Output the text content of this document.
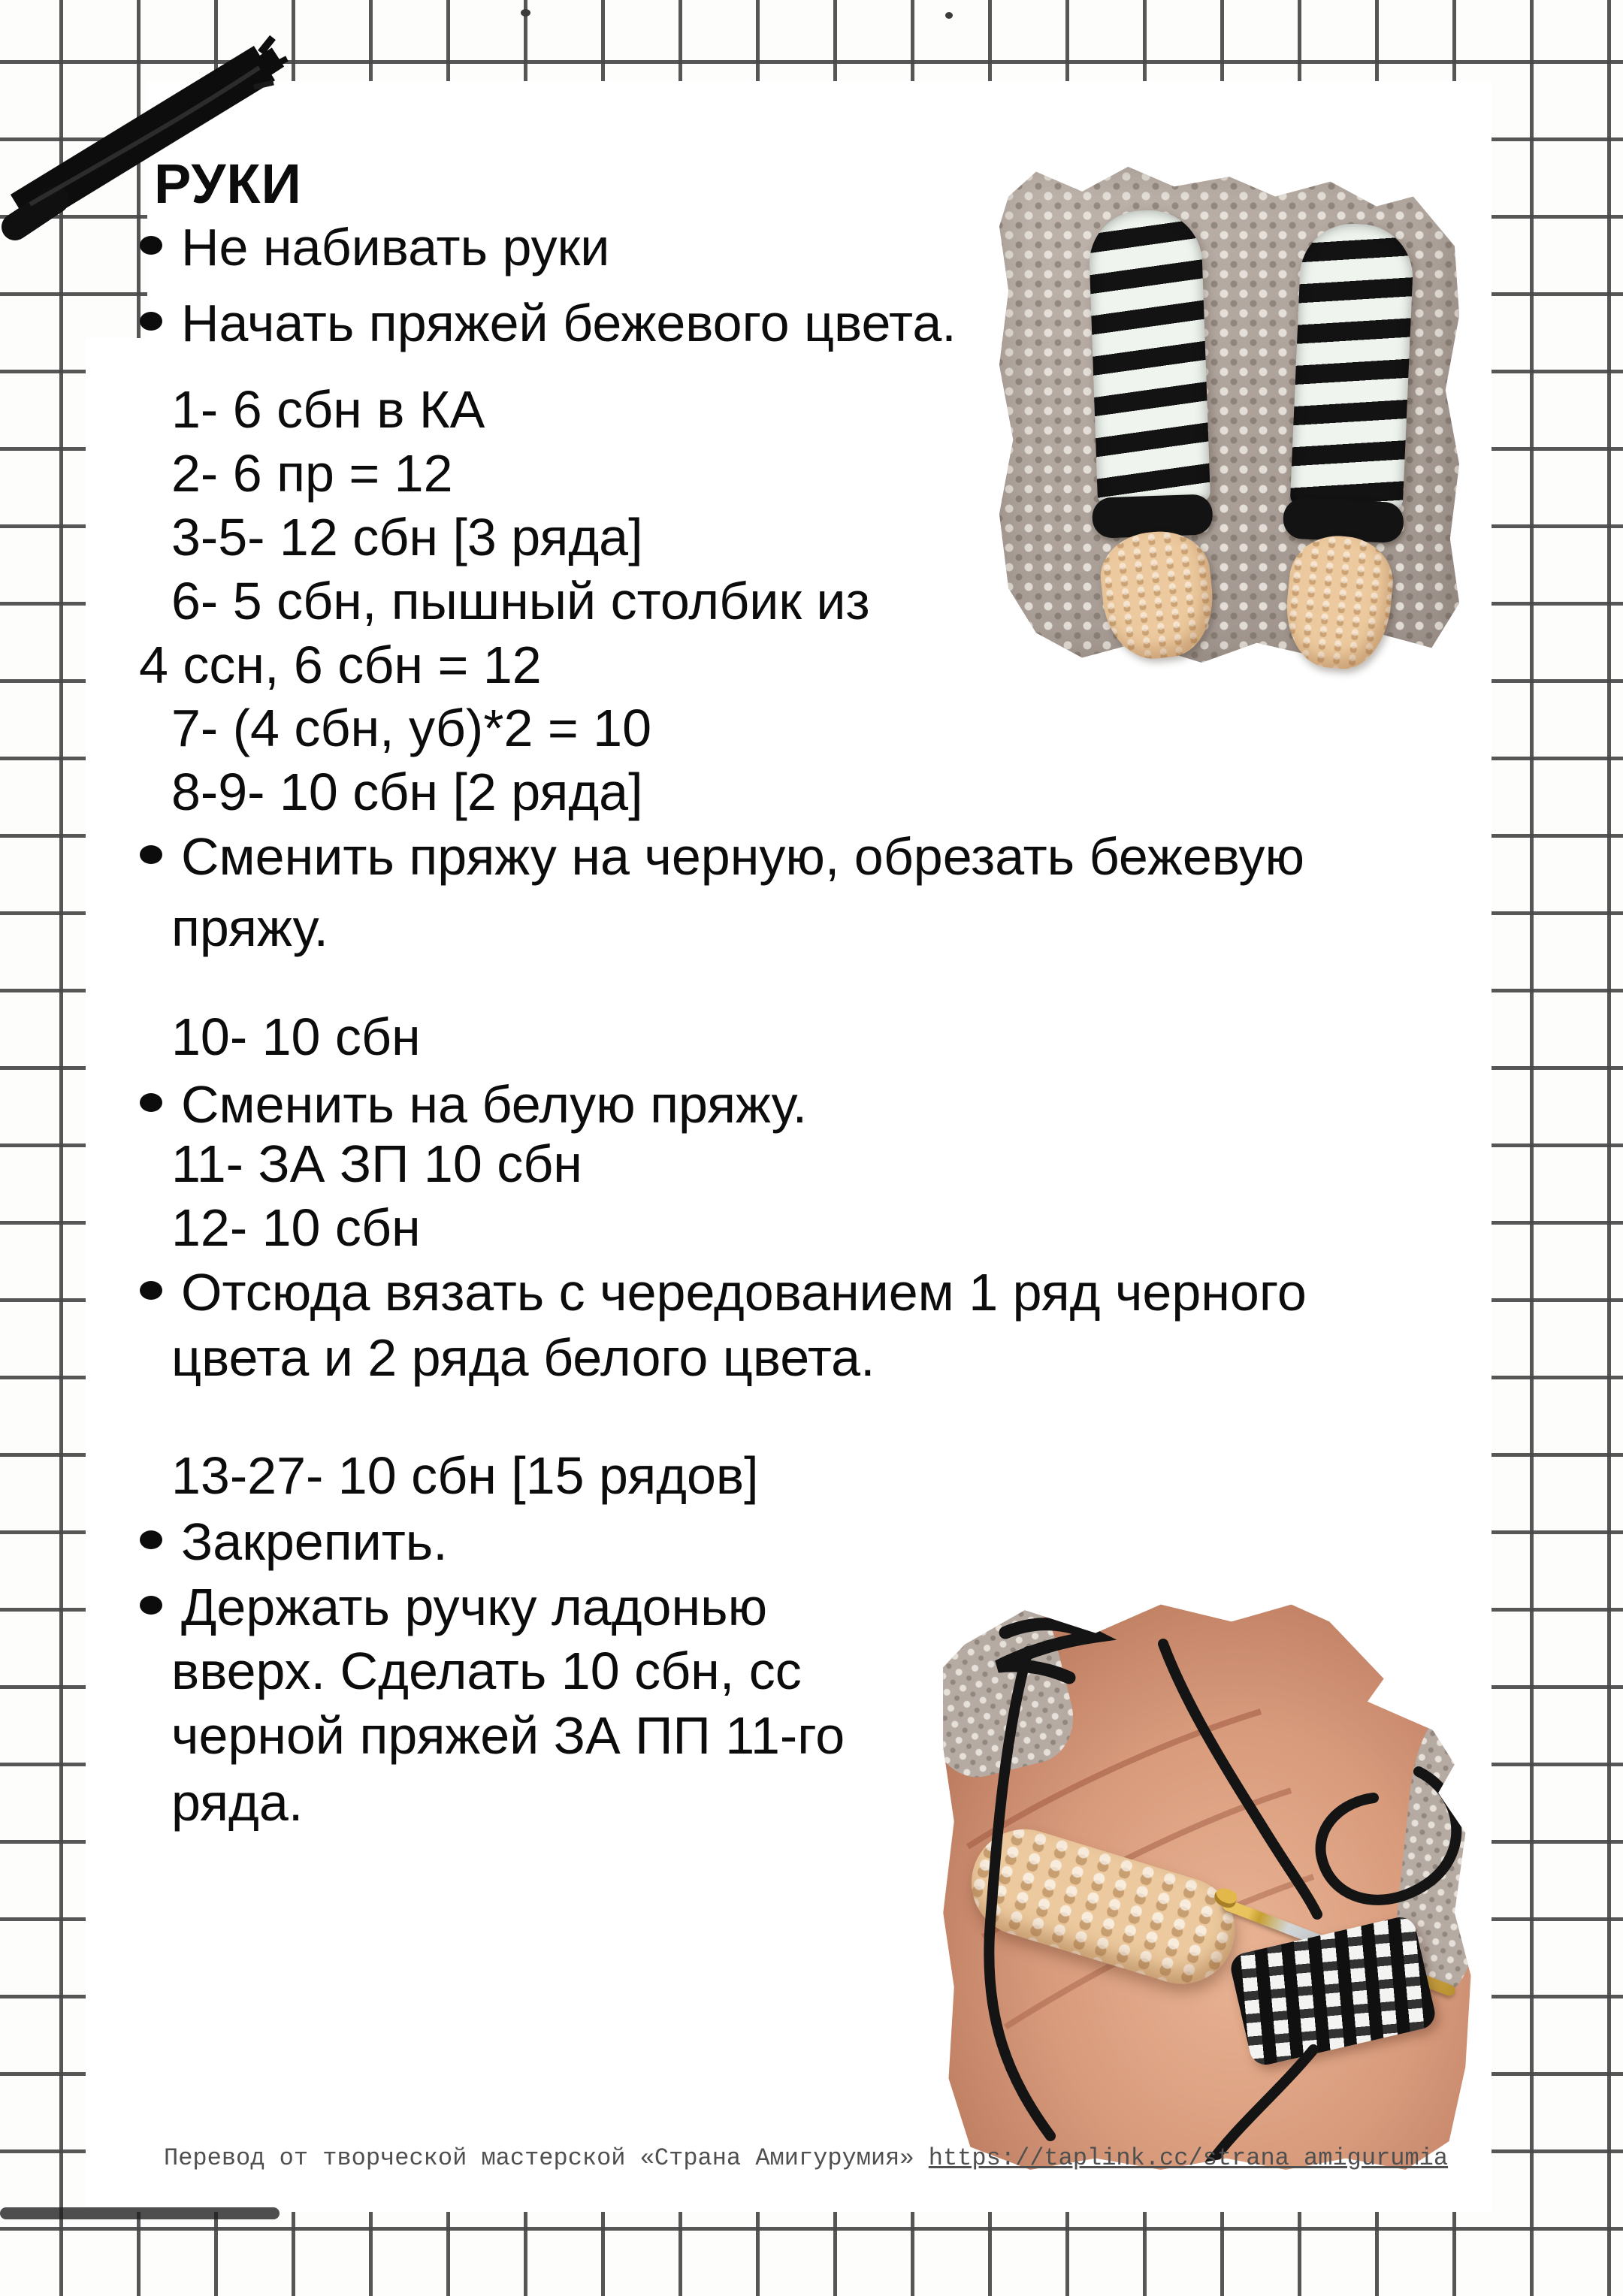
РУКИ
Не набивать руки
Начать пряжей бежевого цвета.
1- 6 сбн в КА
2- 6 пр = 12
3-5- 12 сбн [3 ряда]
6- 5 сбн, пышный столбик из
4 ссн, 6 сбн = 12
7- (4 сбн, уб)*2 = 10
8-9- 10 сбн [2 ряда]
Сменить пряжу на черную, обрезать бежевую
пряжу.
10- 10 сбн
Сменить на белую пряжу.
11- ЗА ЗП 10 сбн
12- 10 сбн
Отсюда вязать с чередованием 1 ряд черного
цвета и 2 ряда белого цвета.
13-27- 10 сбн [15 рядов]
Закрепить.
Держать ручку ладонью
вверх. Сделать 10 сбн, сс
черной пряжей ЗА ПП 11-го
ряда.
Перевод от творческой мастерской «Страна Амигурумия» https://taplink.cc/strana_amigurumia
